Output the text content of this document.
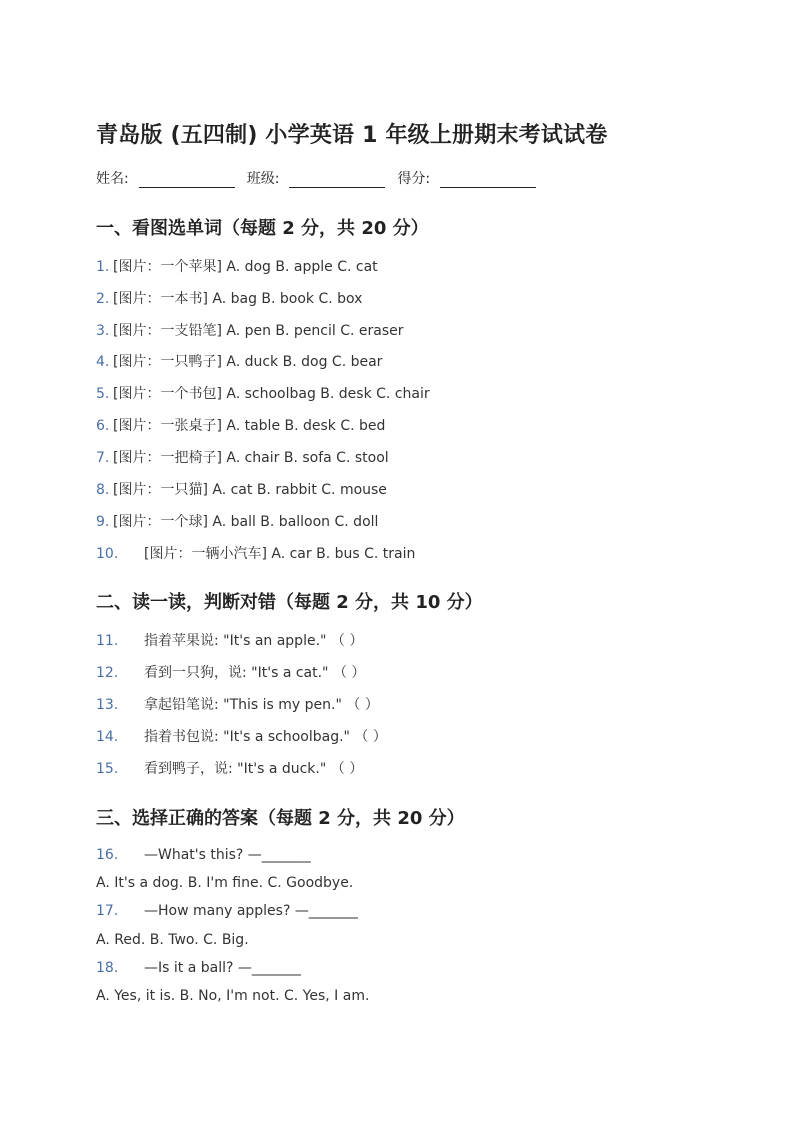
青岛版 (五四制) 小学英语 1 年级上册期末考试试卷
姓名:	班级:	得分:
一、看图选单词（每题 2 分，共 20 分）
1. [图片：一个苹果] A. dog B. apple C. cat
2. [图片：一本书] A. bag B. book C. box
3. [图片：一支铅笔] A. pen B. pencil C. eraser
4. [图片：一只鸭子] A. duck B. dog C. bear
5. [图片：一个书包] A. schoolbag B. desk C. chair
6. [图片：一张桌子] A. table B. desk C. bed
7. [图片：一把椅子] A. chair B. sofa C. stool
8. [图片：一只猫] A. cat B. rabbit C. mouse
9. [图片：一个球] A. ball B. balloon C. doll
10. [图片：一辆小汽车] A. car B. bus C. train
二、读一读，判断对错（每题 2 分，共 10 分）
11. 指着苹果说: "It's an apple." （ ）
12. 看到一只狗，说: "It's a cat." （ ）
13. 拿起铅笔说: "This is my pen." （ ）
14. 指着书包说: "It's a schoolbag." （ ）
15. 看到鸭子，说: "It's a duck." （ ）
三、选择正确的答案（每题 2 分，共 20 分）
16. —What's this? —_______
A. It's a dog. B. I'm fine. C. Goodbye.
17. —How many apples? —_______
A. Red. B. Two. C. Big.
18. —Is it a ball? —_______
A. Yes, it is. B. No, I'm not. C. Yes, I am.
